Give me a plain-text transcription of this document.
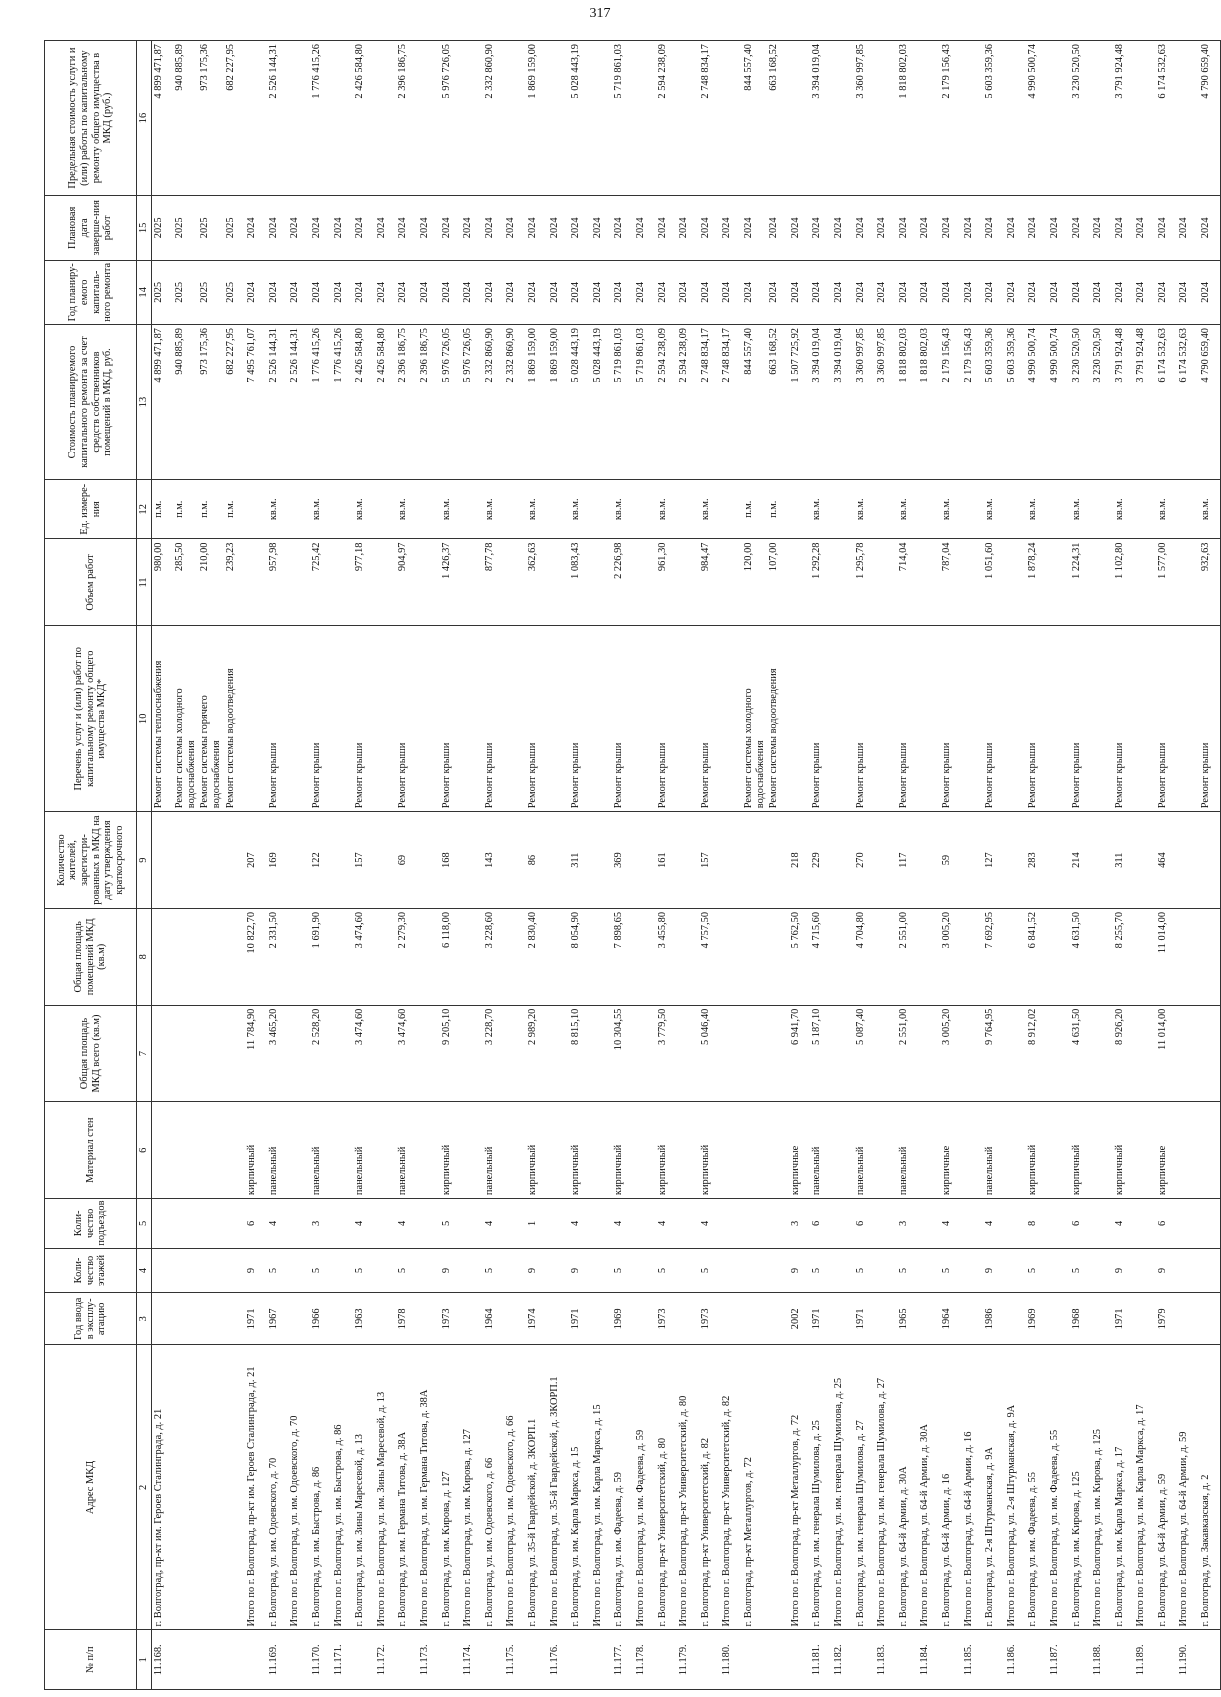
317
№ п/п	Адрес МКД	Год ввода в эксплу-атацию	Коли-чество этажей	Коли-чество подъездов	Материал стен	Общая площадь МКД всего (кв.м)	Общая площадь помещений МКД (кв.м)	Количество жителей, зарегистри-рованных в МКД на дату утверждения краткосрочного	Перечень услуг и (или) работ по капитальному ремонту общего имущества МКД*	Объем работ	Ед. измере-ния	Стоимость планируемого капитального ремонта за счет средств собственников помещений в МКД, руб.	Год планиру-емого капиталь-ного ремонта	Плановая дата заверше-ния работ	Предельная стоимость услуги и (или) работы по капитальному ремонту общего имущества в МКД (руб.)
1	2	3	4	5	6	7	8	9	10	11	12	13	14	15	16
11.168.	г. Волгоград, пр-кт им. Героев Сталинграда, д. 21								Ремонт системы теплоснабжения	980,00	п.м.	4 899 471,87	2025	2025	4 899 471,87
									Ремонт системы холодного водоснабжения	285,50	п.м.	940 885,89	2025	2025	940 885,89
									Ремонт системы горячего водоснабжения	210,00	п.м.	973 175,36	2025	2025	973 175,36
									Ремонт системы водоотведения	239,23	п.м.	682 227,95	2025	2025	682 227,95
	Итого по г. Волгоград, пр-кт им. Героев Сталинграда, д. 21	1971	9	6	кирпичный	11 784,90	10 822,70	207				7 495 761,07	2024	2024	
11.169.	г. Волгоград, ул. им. Одоевского, д. 70	1967	5	4	панельный	3 465,20	2 331,50	169	Ремонт крыши	957,98	кв.м.	2 526 144,31	2024	2024	2 526 144,31
	Итого по г. Волгоград, ул. им. Одоевского, д. 70											2 526 144,31	2024	2024	
11.170.	г. Волгоград, ул. им. Быстрова, д. 86	1966	5	3	панельный	2 528,20	1 691,90	122	Ремонт крыши	725,42	кв.м.	1 776 415,26	2024	2024	1 776 415,26
11.171.	Итого по г. Волгоград, ул. им. Быстрова, д. 86											1 776 415,26	2024	2024	
	г. Волгоград, ул. им. Зины Маресевой, д. 13	1963	5	4	панельный	3 474,60	3 474,60	157	Ремонт крыши	977,18	кв.м.	2 426 584,80	2024	2024	2 426 584,80
11.172.	Итого по г. Волгоград, ул. им. Зины Маресевой, д. 13											2 426 584,80	2024	2024	
	г. Волгоград, ул. им. Германа Титова, д. 38А	1978	5	4	панельный	3 474,60	2 279,30	69	Ремонт крыши	904,97	кв.м.	2 396 186,75	2024	2024	2 396 186,75
11.173.	Итого по г. Волгоград, ул. им. Германа Титова, д. 38А											2 396 186,75	2024	2024	
	г. Волгоград, ул. им. Кирова, д. 127	1973	9	5	кирпичный	9 205,10	6 118,00	168	Ремонт крыши	1 426,37	кв.м.	5 976 726,05	2024	2024	5 976 726,05
11.174.	Итого по г. Волгоград, ул. им. Кирова, д. 127											5 976 726,05	2024	2024	
	г. Волгоград, ул. им. Одоевского, д. 66	1964	5	4	панельный	3 228,70	3 228,60	143	Ремонт крыши	877,78	кв.м.	2 332 860,90	2024	2024	2 332 860,90
11.175.	Итого по г. Волгоград, ул. им. Одоевского, д. 66											2 332 860,90	2024	2024	
	г. Волгоград, ул. 35-й Гвардейской, д. 3КОРП.1	1974	9	1	кирпичный	2 989,20	2 830,40	86	Ремонт крыши	362,63	кв.м.	1 869 159,00	2024	2024	1 869 159,00
11.176.	Итого по г. Волгоград, ул. 35-й Гвардейской, д. 3КОРП.1											1 869 159,00	2024	2024	
	г. Волгоград, ул. им. Карла Маркса, д. 15	1971	9	4	кирпичный	8 815,10	8 054,90	311	Ремонт крыши	1 083,43	кв.м.	5 028 443,19	2024	2024	5 028 443,19
	Итого по г. Волгоград, ул. им. Карла Маркса, д. 15											5 028 443,19	2024	2024	
11.177.	г. Волгоград, ул. им. Фадеева, д. 59	1969	5	4	кирпичный	10 304,55	7 898,65	369	Ремонт крыши	2 226,98	кв.м.	5 719 861,03	2024	2024	5 719 861,03
11.178.	Итого по г. Волгоград, ул. им. Фадеева, д. 59											5 719 861,03	2024	2024	
	г. Волгоград, пр-кт Университетский, д. 80	1973	5	4	кирпичный	3 779,50	3 455,80	161	Ремонт крыши	961,30	кв.м.	2 594 238,09	2024	2024	2 594 238,09
11.179.	Итого по г. Волгоград, пр-кт Университетский, д. 80											2 594 238,09	2024	2024	
	г. Волгоград, пр-кт Университетский, д. 82	1973	5	4	кирпичный	5 046,40	4 757,50	157	Ремонт крыши	984,47	кв.м.	2 748 834,17	2024	2024	2 748 834,17
11.180.	Итого по г. Волгоград, пр-кт Университетский, д. 82											2 748 834,17	2024	2024	
	г. Волгоград, пр-кт Металлургов, д. 72								Ремонт системы холодного водоснабжения	120,00	п.м.	844 557,40	2024	2024	844 557,40
									Ремонт системы водоотведения	107,00	п.м.	663 168,52	2024	2024	663 168,52
	Итого по г. Волгоград, пр-кт Металлургов, д. 72	2002	9	3	кирпичные	6 941,70	5 762,50	218				1 507 725,92	2024	2024	
11.181.	г. Волгоград, ул. им. генерала Шумилова, д. 25	1971	5	6	панельный	5 187,10	4 715,60	229	Ремонт крыши	1 292,28	кв.м.	3 394 019,04	2024	2024	3 394 019,04
11.182.	Итого по г. Волгоград, ул. им. генерала Шумилова, д. 25											3 394 019,04	2024	2024	
	г. Волгоград, ул. им. генерала Шумилова, д. 27	1971	5	6	панельный	5 087,40	4 704,80	270	Ремонт крыши	1 295,78	кв.м.	3 360 997,85	2024	2024	3 360 997,85
11.183.	Итого по г. Волгоград, ул. им. генерала Шумилова, д. 27											3 360 997,85	2024	2024	
	г. Волгоград, ул. 64-й Армии, д. 30А	1965	5	3	панельный	2 551,00	2 551,00	117	Ремонт крыши	714,04	кв.м.	1 818 802,03	2024	2024	1 818 802,03
11.184.	Итого по г. Волгоград, ул. 64-й Армии, д. 30А											1 818 802,03	2024	2024	
	г. Волгоград, ул. 64-й Армии, д. 16	1964	5	4	кирпичные	3 005,20	3 005,20	59	Ремонт крыши	787,04	кв.м.	2 179 156,43	2024	2024	2 179 156,43
11.185.	Итого по г. Волгоград, ул. 64-й Армии, д. 16											2 179 156,43	2024	2024	
	г. Волгоград, ул. 2-я Штурманская, д. 9А	1986	9	4	панельный	9 764,95	7 692,95	127	Ремонт крыши	1 051,60	кв.м.	5 603 359,36	2024	2024	5 603 359,36
11.186.	Итого по г. Волгоград, ул. 2-я Штурманская, д. 9А											5 603 359,36	2024	2024	
	г. Волгоград, ул. им. Фадеева, д. 55	1969	5	8	кирпичный	8 912,02	6 841,52	283	Ремонт крыши	1 878,24	кв.м.	4 990 500,74	2024	2024	4 990 500,74
11.187.	Итого по г. Волгоград, ул. им. Фадеева, д. 55											4 990 500,74	2024	2024	
	г. Волгоград, ул. им. Кирова, д. 125	1968	5	6	кирпичный	4 631,50	4 631,50	214	Ремонт крыши	1 224,31	кв.м.	3 230 520,50	2024	2024	3 230 520,50
11.188.	Итого по г. Волгоград, ул. им. Кирова, д. 125											3 230 520,50	2024	2024	
	г. Волгоград, ул. им. Карла Маркса, д. 17	1971	9	4	кирпичный	8 926,20	8 255,70	311	Ремонт крыши	1 102,80	кв.м.	3 791 924,48	2024	2024	3 791 924,48
11.189.	Итого по г. Волгоград, ул. им. Карла Маркса, д. 17											3 791 924,48	2024	2024	
	г. Волгоград, ул. 64-й Армии, д. 59	1979	9	6	кирпичные	11 014,00	11 014,00	464	Ремонт крыши	1 577,00	кв.м.	6 174 532,63	2024	2024	6 174 532,63
11.190.	Итого по г. Волгоград, ул. 64-й Армии, д. 59											6 174 532,63	2024	2024	
	г. Волгоград, ул. Закавказская, д. 2								Ремонт крыши	932,63	кв.м.	4 790 659,40	2024	2024	4 790 659,40
